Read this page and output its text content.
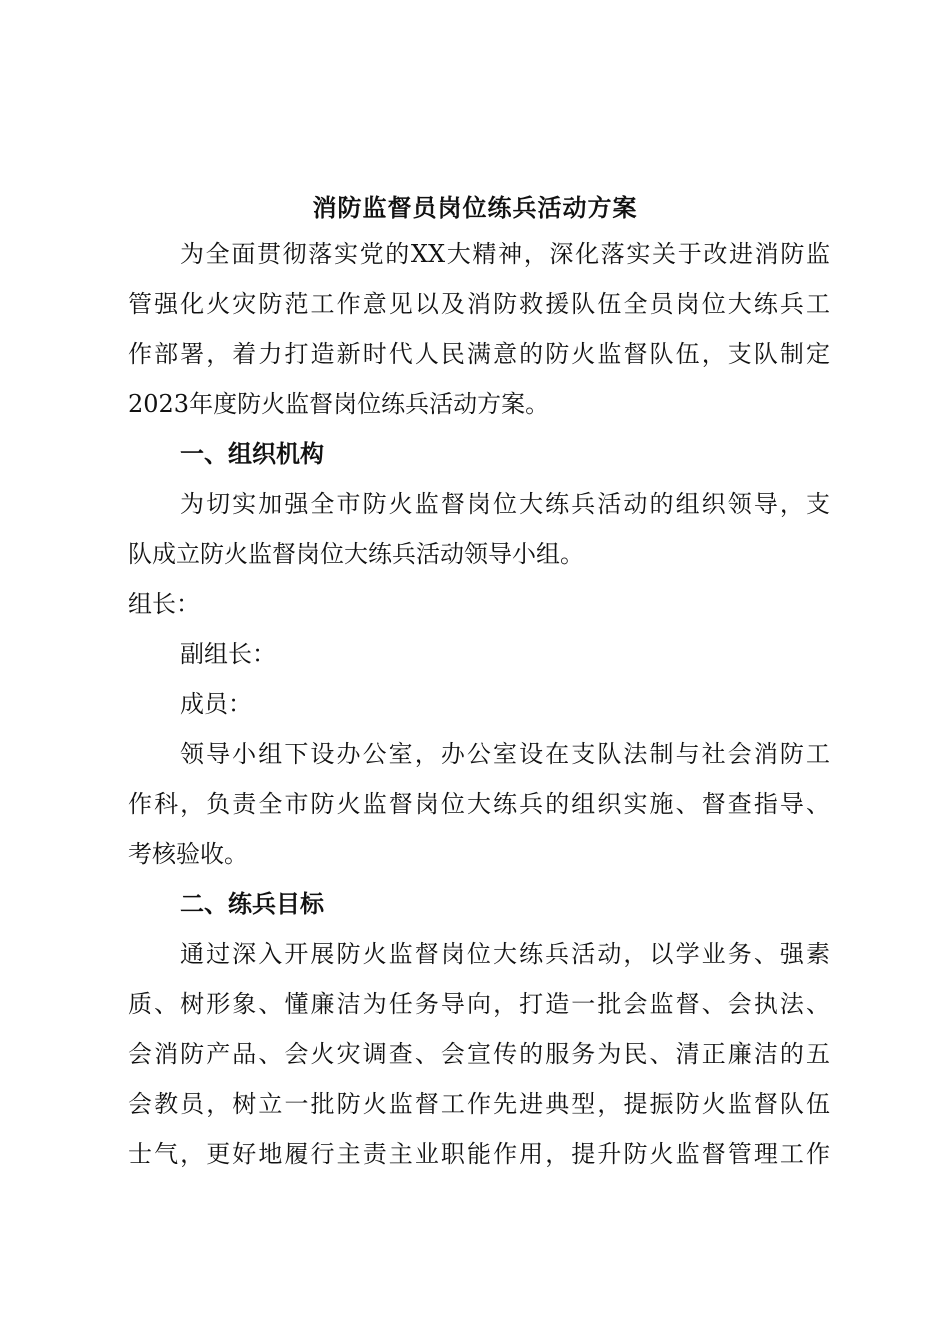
消防监督员岗位练兵活动方案
为全面贯彻落实党的XX大精神，深化落实关于改进消防监
管强化火灾防范工作意见以及消防救援队伍全员岗位大练兵工
作部署，着力打造新时代人民满意的防火监督队伍，支队制定
2023年度防火监督岗位练兵活动方案。
一、组织机构
为切实加强全市防火监督岗位大练兵活动的组织领导，支
队成立防火监督岗位大练兵活动领导小组。
组长：
副组长：
成员：
领导小组下设办公室，办公室设在支队法制与社会消防工
作科，负责全市防火监督岗位大练兵的组织实施、督查指导、
考核验收。
二、练兵目标
通过深入开展防火监督岗位大练兵活动，以学业务、强素
质、树形象、懂廉洁为任务导向，打造一批会监督、会执法、
会消防产品、会火灾调查、会宣传的服务为民、清正廉洁的五
会教员，树立一批防火监督工作先进典型，提振防火监督队伍
士气，更好地履行主责主业职能作用，提升防火监督管理工作
